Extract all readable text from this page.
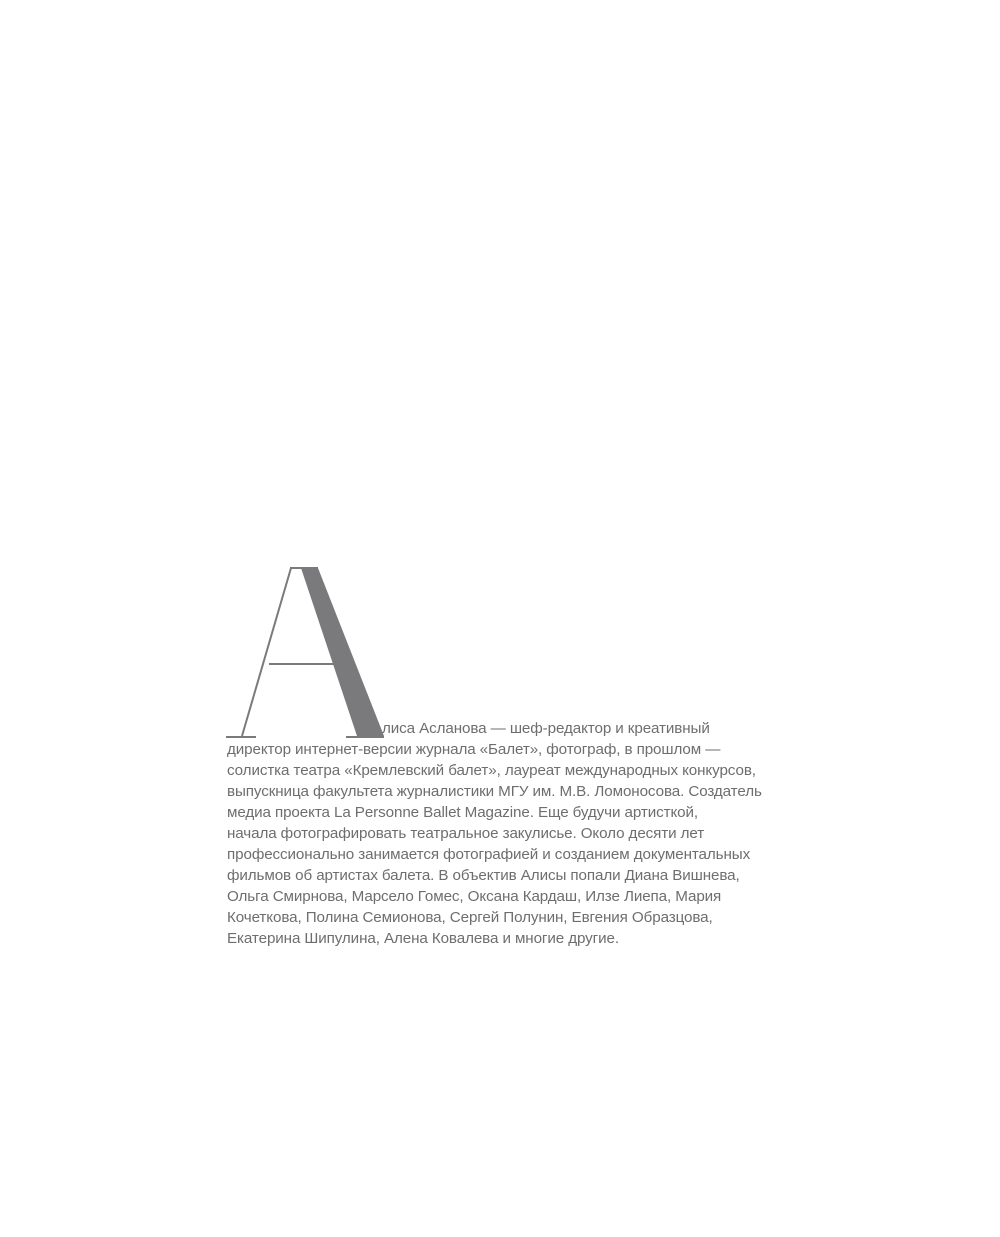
лиса Асланова — шеф-редактор и креативный
директор интернет-версии журнала «Балет», фотограф, в прошлом —
солистка театра «Кремлевский балет», лауреат международных конкурсов,
выпускница факультета журналистики МГУ им. М.В. Ломоносова. Создатель
медиа проекта La Personne Ballet Magazine. Еще будучи артисткой,
начала фотографировать театральное закулисье. Около десяти лет
профессионально занимается фотографией и созданием документальных
фильмов об артистах балета. В объектив Алисы попали Диана Вишнева,
Ольга Смирнова, Марсело Гомес, Оксана Кардаш, Илзе Лиепа, Мария
Кочеткова, Полина Семионова, Сергей Полунин, Евгения Образцова,
Екатерина Шипулина, Алена Ковалева и многие другие.
